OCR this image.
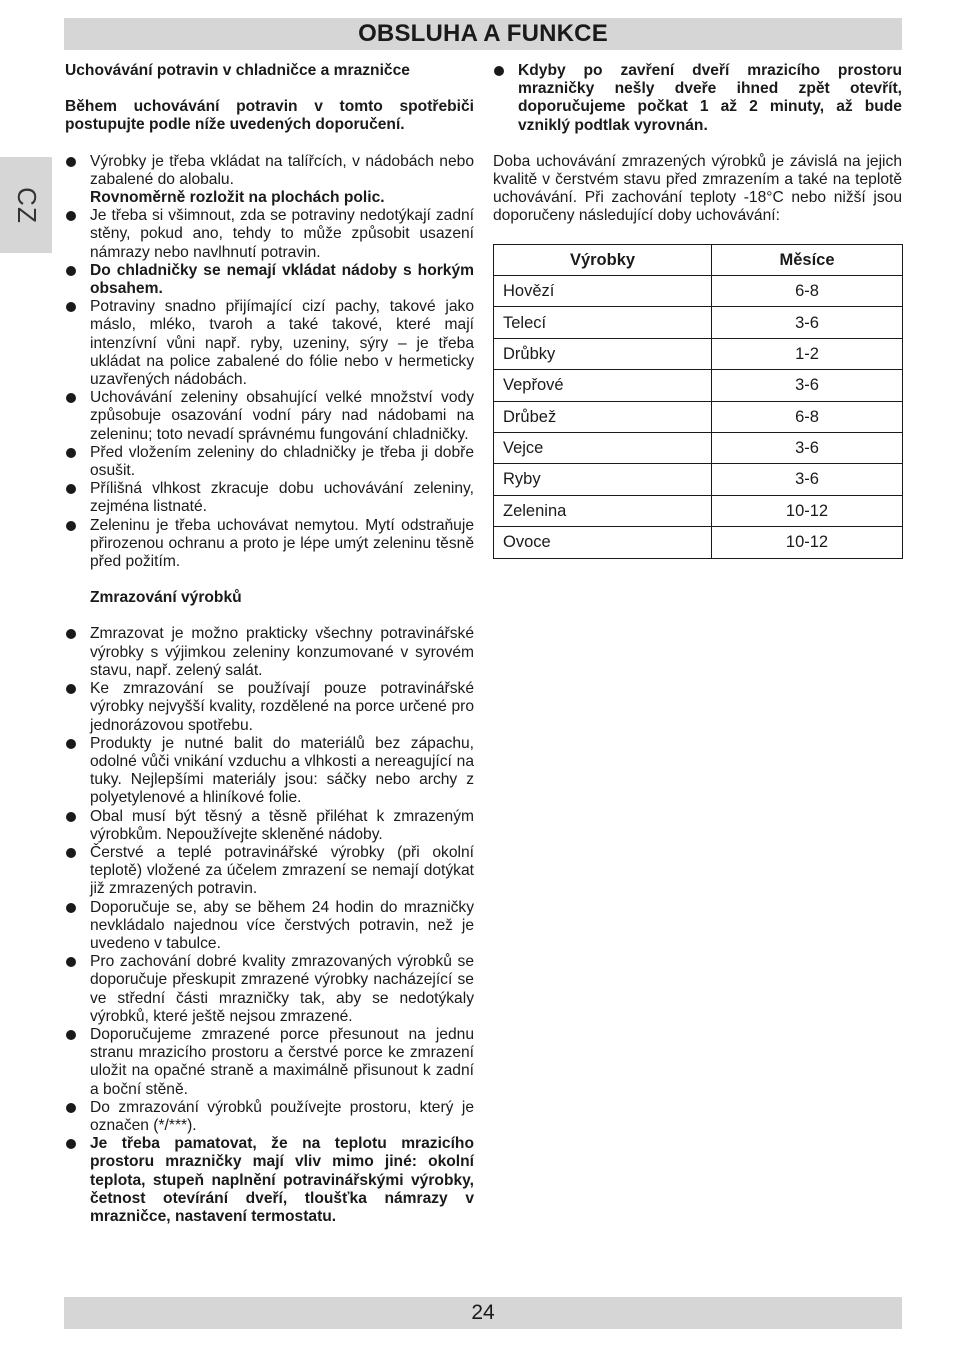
OBSLUHA A FUNKCE
CZ

Uchovávání potravin v chladničce a mrazničce

Během uchovávání potravin v tomto spotřebiči postupujte podle níže uvedených doporučení.

Výrobky je třeba vkládat na talířcích, v nádobách nebo zabalené do alobalu.
Rovnoměrně rozložit na plochách polic.
Je třeba si všimnout, zda se potraviny nedotýkají zadní stěny, pokud ano, tehdy to může způsobit usazení námrazy nebo navlhnutí potravin.
Do chladničky se nemají vkládat nádoby s horkým obsahem.
Potraviny snadno přijímající cizí pachy, takové jako máslo, mléko, tvaroh a také takové, které mají intenzívní vůni např. ryby, uzeniny, sýry – je třeba ukládat na police zabalené do fólie nebo v hermeticky uzavřených nádobách.
Uchovávání zeleniny obsahující velké množství vody způsobuje osazování vodní páry nad nádobami na zeleninu; toto nevadí správnému fungování chladničky.
Před vložením zeleniny do chladničky je třeba ji dobře osušit.
Přílišná vlhkost zkracuje dobu uchovávání zeleniny, zejména listnaté.
Zeleninu je třeba uchovávat nemytou. Mytí odstraňuje přirozenou ochranu a proto je lépe umýt zeleninu těsně před požitím.

Zmrazování výrobků

Zmrazovat je možno prakticky všechny potravinářské výrobky s výjimkou zeleniny konzumované v syrovém stavu, např. zelený salát.
Ke zmrazování se používají pouze potravinářské výrobky nejvyšší kvality, rozdělené na porce určené pro jednorázovou spotřebu.
Produkty je nutné balit do materiálů bez zápachu, odolné vůči vnikání vzduchu a vlhkosti a nereagující na tuky. Nejlepšími materiály jsou: sáčky nebo archy z polyetylenové a hliníkové folie.
Obal musí být těsný a těsně přiléhat k zmrazeným výrobkům. Nepoužívejte skleněné nádoby.
Čerstvé a teplé potravinářské výrobky (při okolní teplotě) vložené za účelem zmrazení se nemají dotýkat již zmrazených potravin.
Doporučuje se, aby se během 24 hodin do mrazničky nevkládalo najednou více čerstvých potravin, než je uvedeno v tabulce.
Pro zachování dobré kvality zmrazovaných výrobků se doporučuje přeskupit zmrazené výrobky nacházející se ve střední části mrazničky tak, aby se nedotýkaly výrobků, které ještě nejsou zmrazené.
Doporučujeme zmrazené porce přesunout na jednu stranu mrazicího prostoru a čerstvé porce ke zmrazení uložit na opačné straně a maximálně přisunout k zadní a boční stěně.
Do zmrazování výrobků používejte prostoru, který je označen (*/***).
Je třeba pamatovat, že na teplotu mrazicího prostoru mrazničky mají vliv mimo jiné: okolní teplota, stupeň naplnění potravinářskými výrobky, četnost otevírání dveří, tloušťka námrazy v mrazničce, nastavení termostatu.
Kdyby po zavření dveří mrazicího prostoru mrazničky nešly dveře ihned zpět otevřít, doporučujeme počkat 1 až 2 minuty, až bude vzniklý podtlak vyrovnán.

Doba uchovávání zmrazených výrobků je závislá na jejich kvalitě v čerstvém stavu před zmrazením a také na teplotě uchovávání. Při zachování teploty -18°C nebo nižší jsou doporučeny následující doby uchovávání:

Výrobky	Měsíce
Hovězí	6-8
Telecí	3-6
Drůbky	1-2
Vepřové	3-6
Drůbež	6-8
Vejce	3-6
Ryby	3-6
Zelenina	10-12
Ovoce	10-12
24
